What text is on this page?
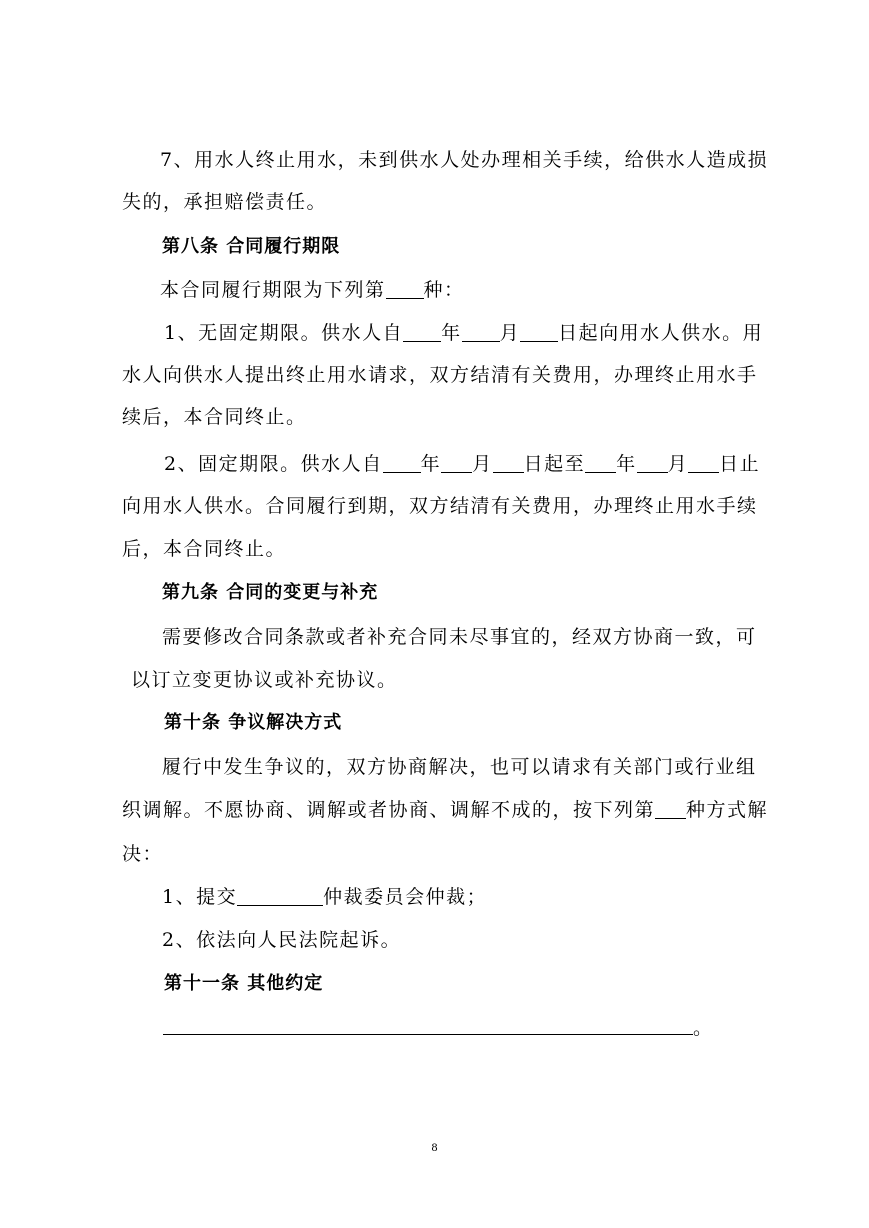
7、用水人终止用水，未到供水人处办理相关手续，给供水人造成损
失的，承担赔偿责任。
第八条 合同履行期限
本合同履行期限为下列第 种：
1、无固定期限。供水人自 年 月 日起向用水人供水。用
水人向供水人提出终止用水请求，双方结清有关费用，办理终止用水手
续后，本合同终止。
2、固定期限。供水人自 年 月 日起至 年 月 日止
向用水人供水。合同履行到期，双方结清有关费用，办理终止用水手续
后，本合同终止。
第九条 合同的变更与补充
需要修改合同条款或者补充合同未尽事宜的，经双方协商一致，可
以订立变更协议或补充协议。
第十条 争议解决方式
履行中发生争议的，双方协商解决，也可以请求有关部门或行业组
织调解。不愿协商、调解或者协商、调解不成的，按下列第 种方式解
决：
1、提交	仲裁委员会仲裁；
2、依法向人民法院起诉。
第十一条 其他约定
。
8
